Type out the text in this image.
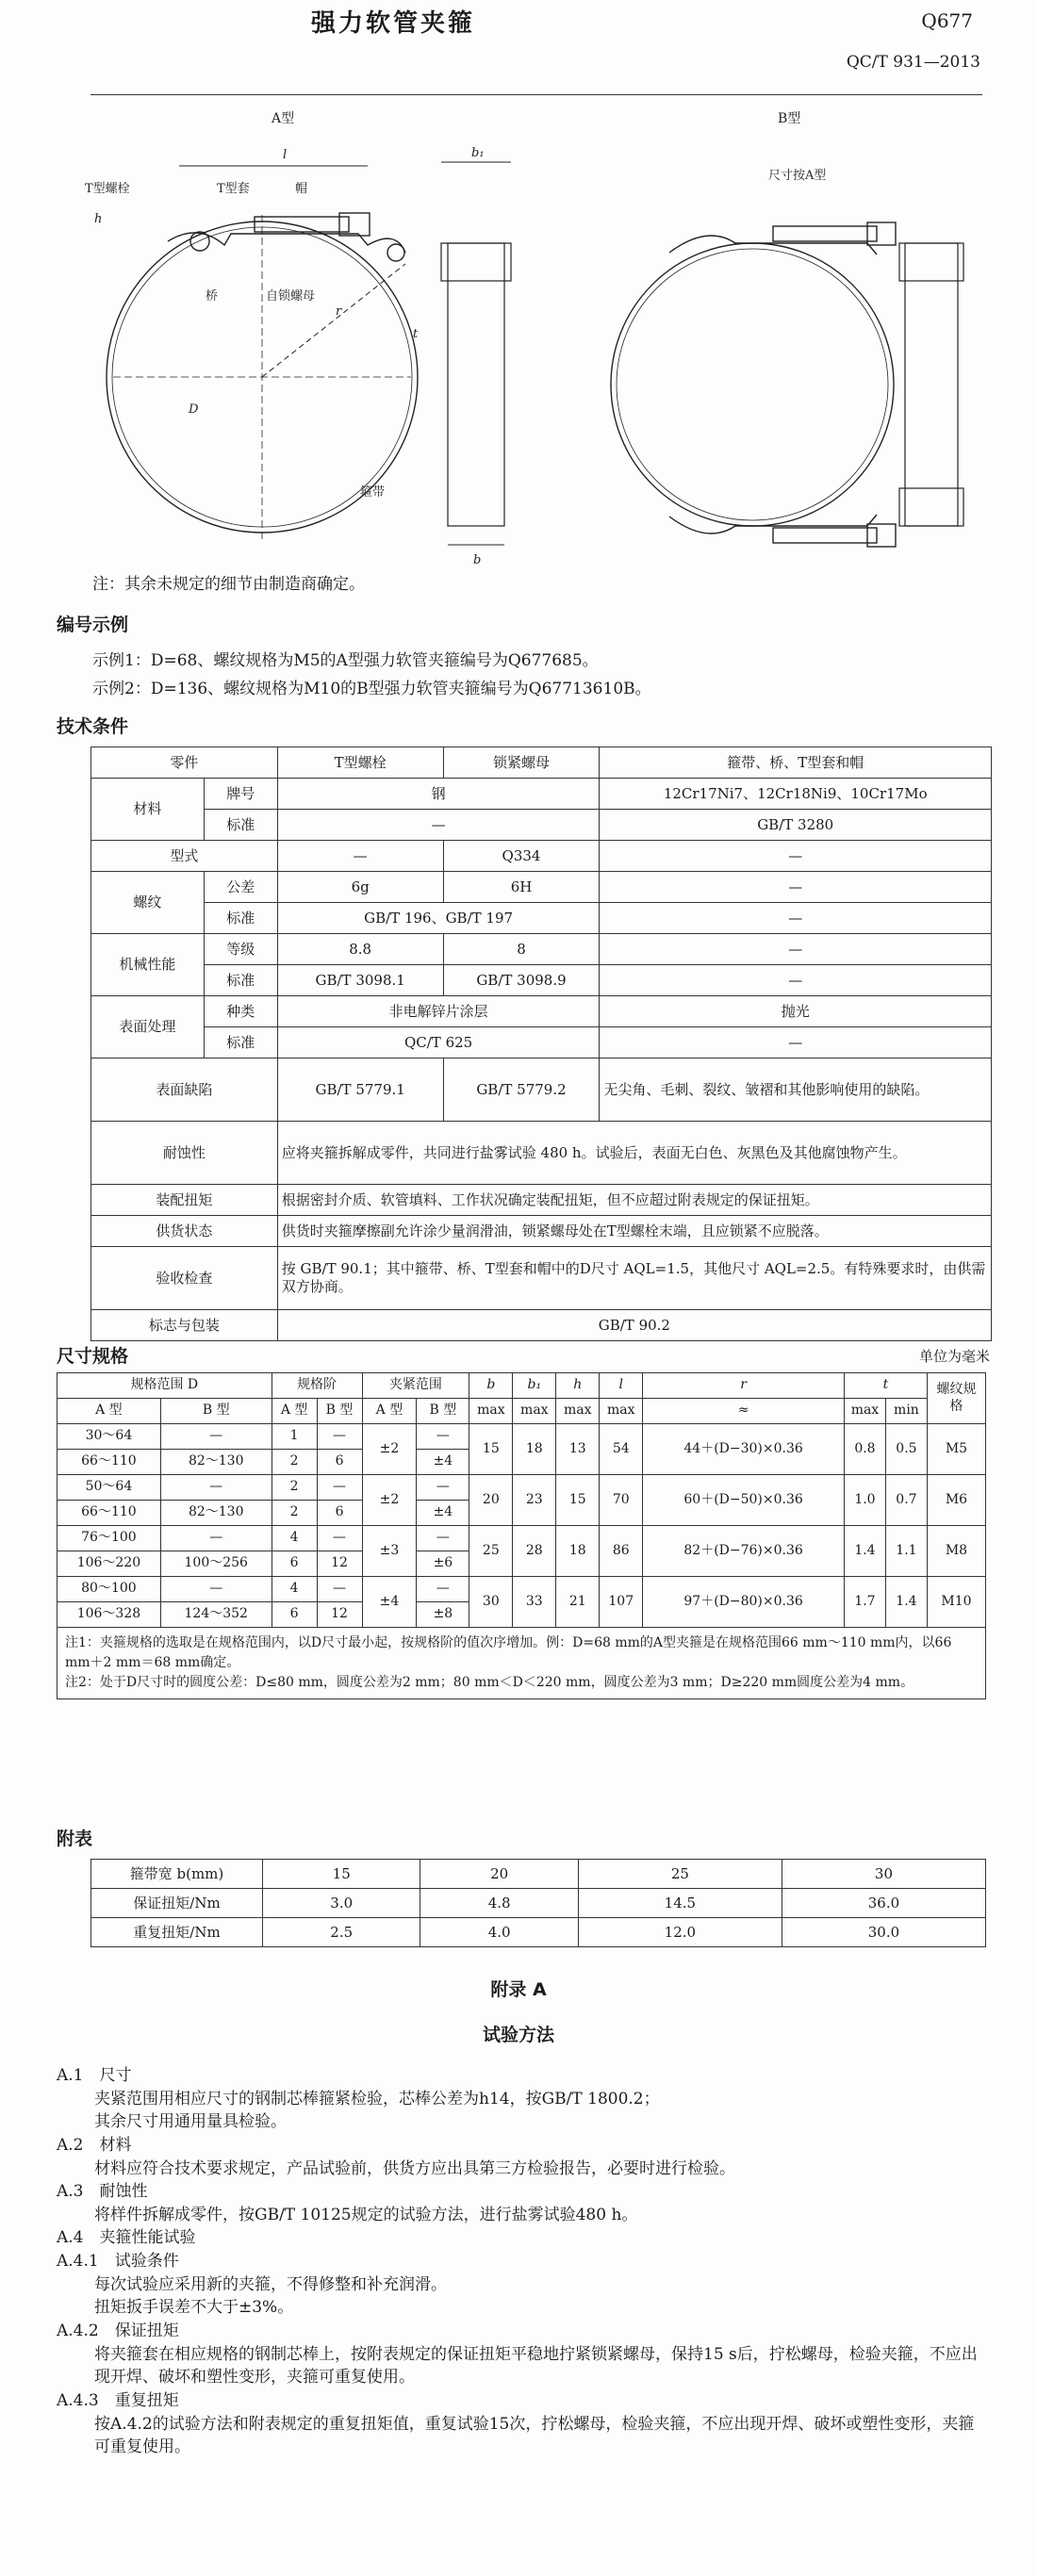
强力软管夹箍	Q677
QC/T 931—2013
A型
l
D
r
t
h
T型螺栓	T型套	帽
桥	自锁螺母
箍带
b₁
b
B型
尺寸按A型
注：其余未规定的细节由制造商确定。
编号示例
示例1：D=68、螺纹规格为M5的A型强力软管夹箍编号为Q677685。
示例2：D=136、螺纹规格为M10的B型强力软管夹箍编号为Q67713610B。
技术条件
零件		T型螺栓	锁紧螺母	箍带、桥、T型套和帽
材料	牌号	钢		12Cr17Ni7、12Cr18Ni9、10Cr17Mo
	标准	—		GB/T 3280
型式		—	Q334	—
螺纹	公差	6g	6H	—
	标准	GB/T 196、GB/T 197		—
机械性能	等级	8.8	8	—
	标准	GB/T 3098.1	GB/T 3098.9	—
表面处理	种类	非电解锌片涂层		抛光
	标准	QC/T 625		—
表面缺陷		GB/T 5779.1	GB/T 5779.2	无尖角、毛刺、裂纹、皱褶和其他影响使用的缺陷。
耐蚀性		应将夹箍拆解成零件，共同进行盐雾试验 480 h。试验后，表面无白色、灰黑色及其他腐蚀物产生。		
装配扭矩		根据密封介质、软管填料、工作状况确定装配扭矩，但不应超过附表规定的保证扭矩。		
供货状态		供货时夹箍摩擦副允许涂少量润滑油，锁紧螺母处在T型螺栓末端，且应锁紧不应脱落。		
验收检查		按 GB/T 90.1；其中箍带、桥、T型套和帽中的D尺寸 AQL=1.5，其他尺寸 AQL=2.5。有特殊要求时，由供需双方协商。		
标志与包装		GB/T 90.2		
尺寸规格	单位为毫米
规格范围 D		规格阶		夹紧范围		b	b₁	h	l	r	t		螺纹规格
A 型	B 型	A 型	B 型	A 型	B 型	max	max	max	max	≈	max	min	
30～64	—	1	—	±2	—	15	18	13	54	44＋(D−30)×0.36	0.8	0.5	M5
66～110	82～130	2	6		±4								
50～64	—	2	—	±2	—	20	23	15	70	60＋(D−50)×0.36	1.0	0.7	M6
66～110	82～130	2	6		±4								
76～100	—	4	—	±3	—	25	28	18	86	82＋(D−76)×0.36	1.4	1.1	M8
106～220	100～256	6	12		±6								
80～100	—	4	—	±4	—	30	33	21	107	97＋(D−80)×0.36	1.7	1.4	M10
106～328	124～352	6	12		±8								

注1：夹箍规格的选取是在规格范围内，以D尺寸最小起，按规格阶的值次序增加。例：D=68 mm的A型夹箍是在规格范围66 mm～110 mm内，以66 mm＋2 mm＝68 mm确定。
注2：处于D尺寸时的圆度公差：D≤80 mm，圆度公差为2 mm；80 mm＜D＜220 mm，圆度公差为3 mm；D≥220 mm圆度公差为4 mm。													
附表
箍带宽 b(mm)	15	20	25	30
保证扭矩/Nm	3.0	4.8	14.5	36.0
重复扭矩/Nm	2.5	4.0	12.0	30.0
附录 A
试验方法
A.1　尺寸
夹紧范围用相应尺寸的钢制芯棒箍紧检验，芯棒公差为h14，按GB/T 1800.2；
其余尺寸用通用量具检验。
A.2　材料
材料应符合技术要求规定，产品试验前，供货方应出具第三方检验报告，必要时进行检验。
A.3　耐蚀性
将样件拆解成零件，按GB/T 10125规定的试验方法，进行盐雾试验480 h。
A.4　夹箍性能试验
A.4.1　试验条件
每次试验应采用新的夹箍，不得修整和补充润滑。
扭矩扳手误差不大于±3%。
A.4.2　保证扭矩
将夹箍套在相应规格的钢制芯棒上，按附表规定的保证扭矩平稳地拧紧锁紧螺母，保持15 s后，拧松螺母，检验夹箍，不应出现开焊、破坏和塑性变形，夹箍可重复使用。
A.4.3　重复扭矩
按A.4.2的试验方法和附表规定的重复扭矩值，重复试验15次，拧松螺母，检验夹箍，不应出现开焊、破坏或塑性变形，夹箍可重复使用。
